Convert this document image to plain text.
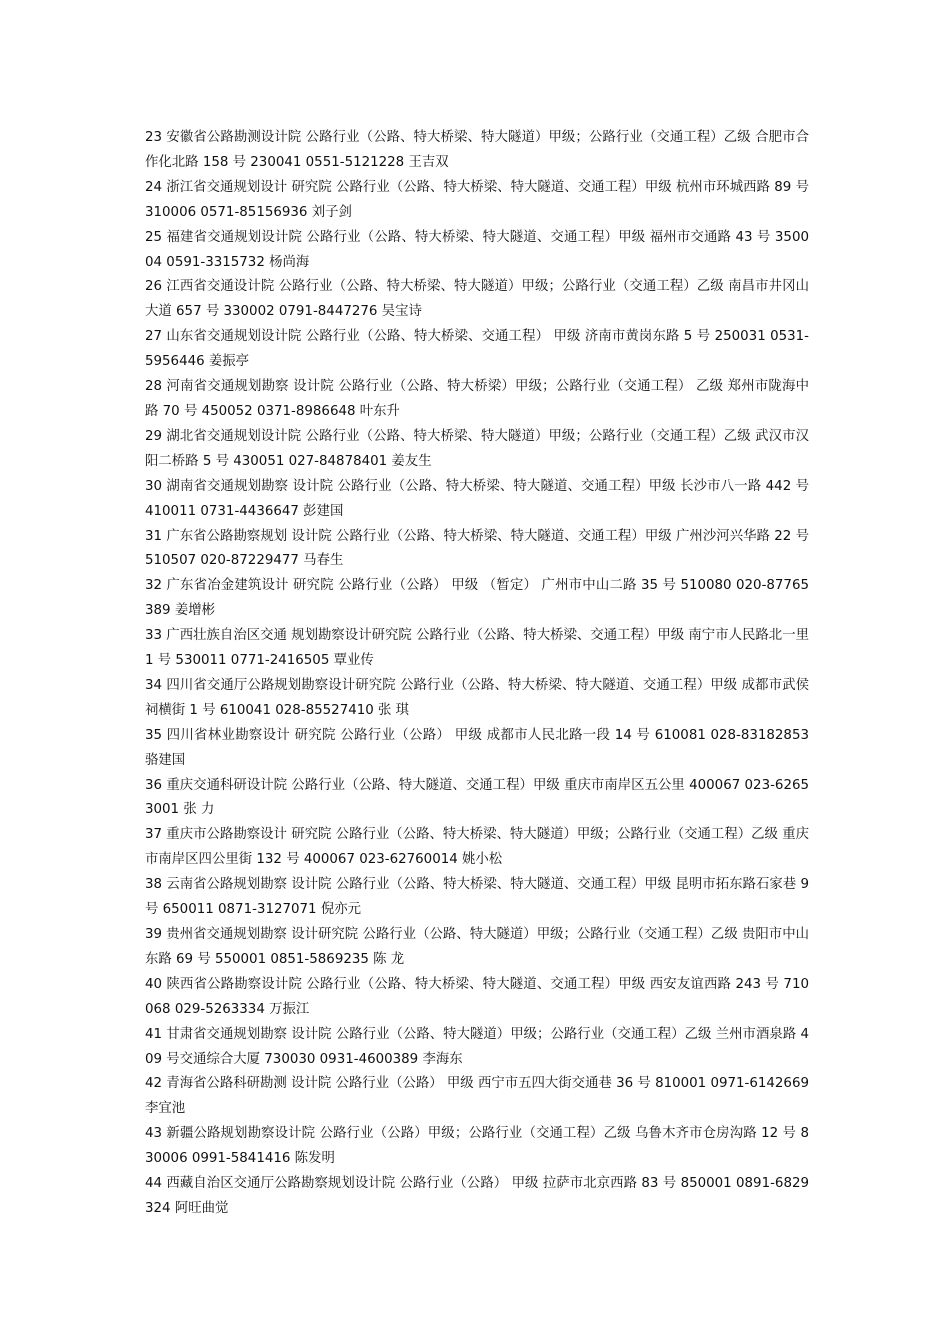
23 安徽省公路勘测设计院 公路行业（公路、特大桥梁、特大隧道）甲级；公路行业（交通工程）乙级 合肥市合作化北路 158 号 230041 0551-5121228 王吉双

24 浙江省交通规划设计 研究院 公路行业（公路、特大桥梁、特大隧道、交通工程）甲级 杭州市环城西路 89 号 310006 0571-85156936 刘子剑

25 福建省交通规划设计院 公路行业（公路、特大桥梁、特大隧道、交通工程）甲级 福州市交通路 43 号 350004 0591-3315732 杨尚海

26 江西省交通设计院 公路行业（公路、特大桥梁、特大隧道）甲级；公路行业（交通工程）乙级 南昌市井冈山大道 657 号 330002 0791-8447276 吴宝诗

27 山东省交通规划设计院 公路行业（公路、特大桥梁、交通工程） 甲级 济南市黄岗东路 5 号 250031 0531-5956446 姜振亭

28 河南省交通规划勘察 设计院 公路行业（公路、特大桥梁）甲级；公路行业（交通工程） 乙级 郑州市陇海中路 70 号 450052 0371-8986648 叶东升

29 湖北省交通规划设计院 公路行业（公路、特大桥梁、特大隧道）甲级；公路行业（交通工程）乙级 武汉市汉阳二桥路 5 号 430051 027-84878401 姜友生

30 湖南省交通规划勘察 设计院 公路行业（公路、特大桥梁、特大隧道、交通工程）甲级 长沙市八一路 442 号 410011 0731-4436647 彭建国

31 广东省公路勘察规划 设计院 公路行业（公路、特大桥梁、特大隧道、交通工程）甲级 广州沙河兴华路 22 号 510507 020-87229477 马春生

32 广东省冶金建筑设计 研究院 公路行业（公路） 甲级 （暂定） 广州市中山二路 35 号 510080 020-87765389 姜增彬

33 广西壮族自治区交通 规划勘察设计研究院 公路行业（公路、特大桥梁、交通工程）甲级 南宁市人民路北一里 1 号 530011 0771-2416505 覃业传

34 四川省交通厅公路规划勘察设计研究院 公路行业（公路、特大桥梁、特大隧道、交通工程）甲级 成都市武侯祠横街 1 号 610041 028-85527410 张 琪

35 四川省林业勘察设计 研究院 公路行业（公路） 甲级 成都市人民北路一段 14 号 610081 028-83182853 骆建国

36 重庆交通科研设计院 公路行业（公路、特大隧道、交通工程）甲级 重庆市南岸区五公里 400067 023-62653001 张 力

37 重庆市公路勘察设计 研究院 公路行业（公路、特大桥梁、特大隧道）甲级；公路行业（交通工程）乙级 重庆市南岸区四公里街 132 号 400067 023-62760014 姚小松

38 云南省公路规划勘察 设计院 公路行业（公路、特大桥梁、特大隧道、交通工程）甲级 昆明市拓东路石家巷 9 号 650011 0871-3127071 倪亦元

39 贵州省交通规划勘察 设计研究院 公路行业（公路、特大隧道）甲级；公路行业（交通工程）乙级 贵阳市中山东路 69 号 550001 0851-5869235 陈 龙

40 陕西省公路勘察设计院 公路行业（公路、特大桥梁、特大隧道、交通工程）甲级 西安友谊西路 243 号 710068 029-5263334 万振江

41 甘肃省交通规划勘察 设计院 公路行业（公路、特大隧道）甲级；公路行业（交通工程）乙级 兰州市酒泉路 409 号交通综合大厦 730030 0931-4600389 李海东

42 青海省公路科研勘测 设计院 公路行业（公路） 甲级 西宁市五四大街交通巷 36 号 810001 0971-6142669 李宜池

43 新疆公路规划勘察设计院 公路行业（公路）甲级；公路行业（交通工程）乙级 乌鲁木齐市仓房沟路 12 号 830006 0991-5841416 陈发明

44 西藏自治区交通厅公路勘察规划设计院 公路行业（公路） 甲级 拉萨市北京西路 83 号 850001 0891-6829324 阿旺曲觉
